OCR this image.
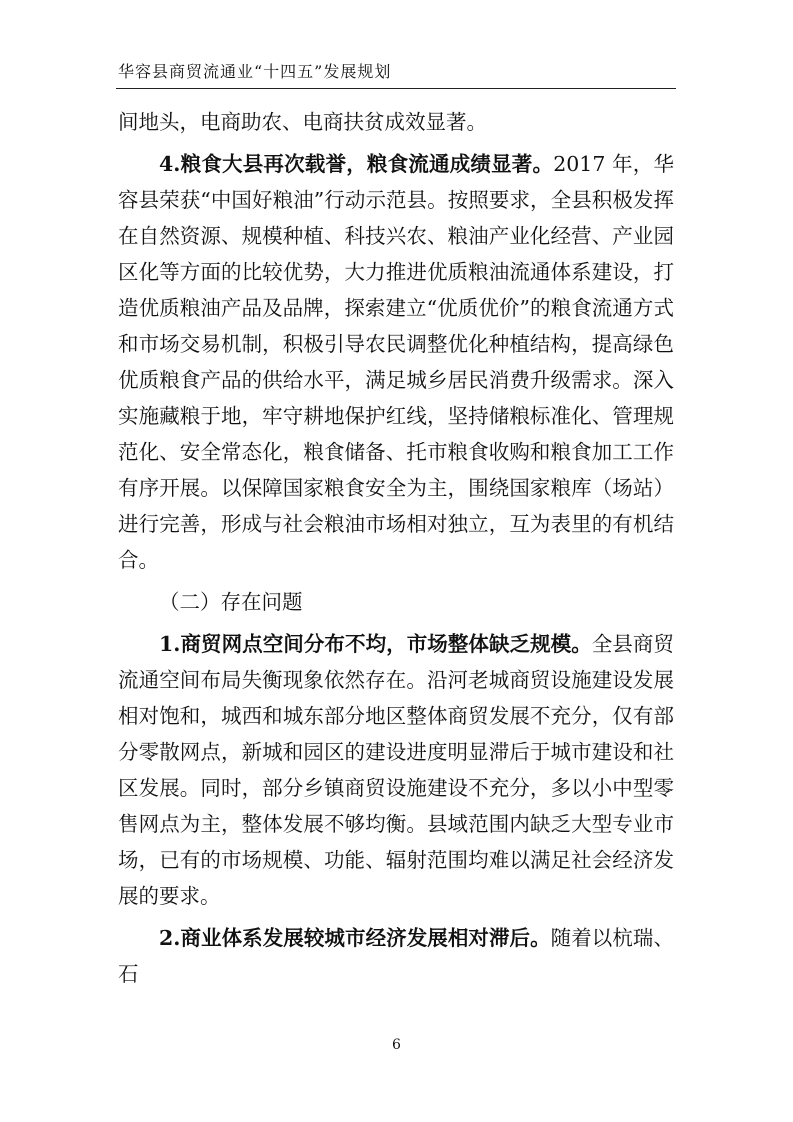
华容县商贸流通业“十四五”发展规划

间地头，电商助农、电商扶贫成效显著。

4.粮食大县再次载誉，粮食流通成绩显著。2017 年，华容县荣获“中国好粮油”行动示范县。按照要求，全县积极发挥在自然资源、规模种植、科技兴农、粮油产业化经营、产业园区化等方面的比较优势，大力推进优质粮油流通体系建设，打造优质粮油产品及品牌，探索建立“优质优价”的粮食流通方式和市场交易机制，积极引导农民调整优化种植结构，提高绿色优质粮食产品的供给水平，满足城乡居民消费升级需求。深入实施藏粮于地，牢守耕地保护红线，坚持储粮标准化、管理规范化、安全常态化，粮食储备、托市粮食收购和粮食加工工作有序开展。以保障国家粮食安全为主，围绕国家粮库（场站）进行完善，形成与社会粮油市场相对独立，互为表里的有机结合。

（二）存在问题

1.商贸网点空间分布不均，市场整体缺乏规模。全县商贸流通空间布局失衡现象依然存在。沿河老城商贸设施建设发展相对饱和，城西和城东部分地区整体商贸发展不充分，仅有部分零散网点，新城和园区的建设进度明显滞后于城市建设和社区发展。同时，部分乡镇商贸设施建设不充分，多以小中型零售网点为主，整体发展不够均衡。县域范围内缺乏大型专业市场，已有的市场规模、功能、辐射范围均难以满足社会经济发展的要求。

2.商业体系发展较城市经济发展相对滞后。随着以杭瑞、石

6
